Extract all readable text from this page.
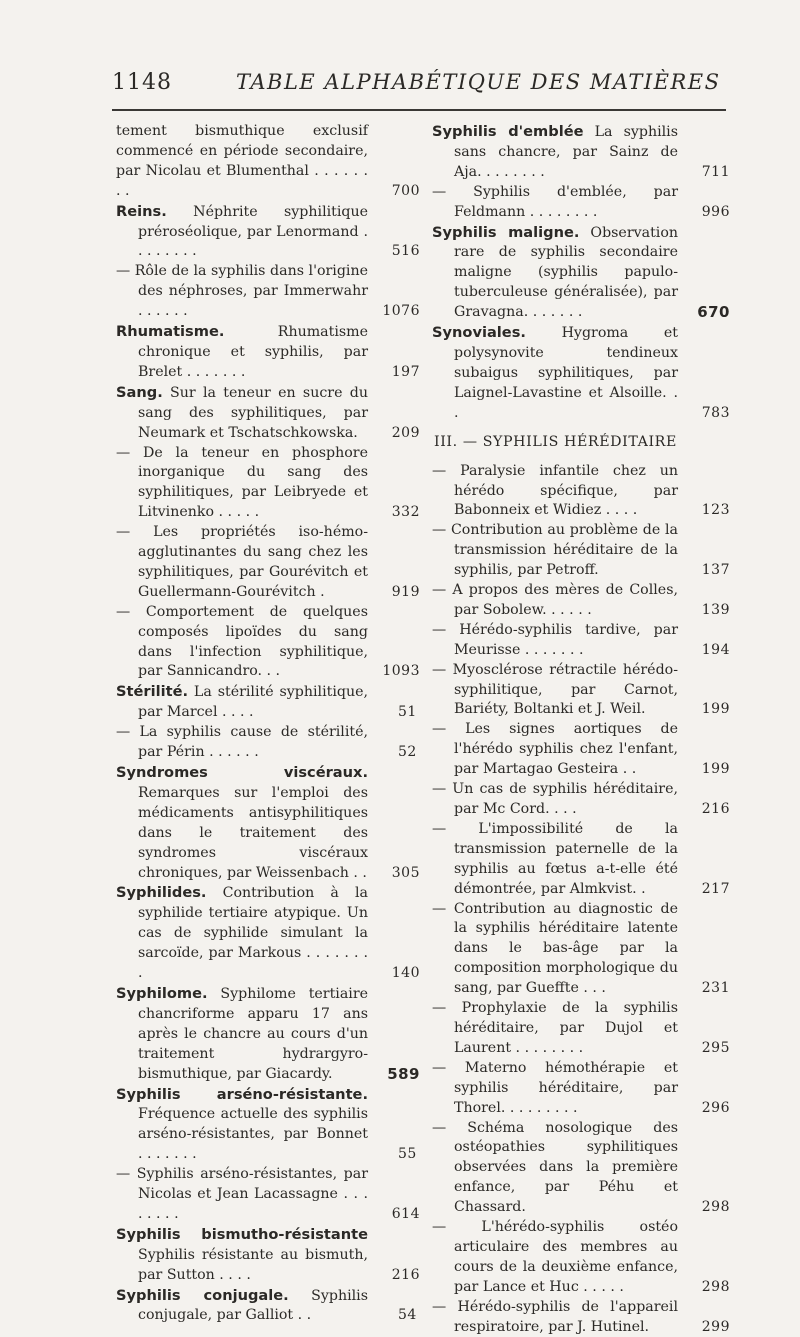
1148	TABLE ALPHABÉTIQUE DES MATIÈRES
tement bismuthique exclusif commencé en période secondaire, par Nicolau et Blumenthal . . . . . . . .	700
Reins. Néphrite syphilitique préroséolique, par Lenormand . . . . . . . .	516
— Rôle de la syphilis dans l'origine des néphroses, par Immerwahr . . . . . .	1076
Rhumatisme. Rhumatisme chronique et syphilis, par Brelet . . . . . . .	197
Sang. Sur la teneur en sucre du sang des syphilitiques, par Neumark et Tschatschkowska. 209
— De la teneur en phosphore inorganique du sang des syphilitiques, par Leibryede et Litvinenko . . . . .	332
— Les propriétés iso-hémo-agglutinantes du sang chez les syphilitiques, par Gourévitch et Guellermann-Gourévitch .	919
— Comportement de quelques composés lipoïdes du sang dans l'infection syphilitique, par Sannicandro. . .	1093
Stérilité. La stérilité syphilitique, par Marcel . . . .	51
— La syphilis cause de stérilité, par Périn . . . . . .	52
Syndromes viscéraux. Remarques sur l'emploi des médicaments antisyphilitiques dans le traitement des syndromes viscéraux chroniques, par Weissenbach . . 305
Syphilides. Contribution à la syphilide tertiaire atypique. Un cas de syphilide simulant la sarcoïde, par Markous . . . . . . . .	140
Syphilome. Syphilome tertiaire chancriforme apparu 17 ans après le chancre au cours d'un traitement hydrargyro-bismuthique, par Giacardy.	589
Syphilis arséno-résistante. Fréquence actuelle des syphilis arséno-résistantes, par Bonnet . . . . . . .	55
— Syphilis arséno-résistantes, par Nicolas et Jean Lacassagne . . . . . . . .	614
Syphilis bismutho-résistante Syphilis résistante au bismuth, par Sutton . . . .	216
Syphilis conjugale. Syphilis conjugale, par Galliot . .	54
Syphilis d'emblée La syphilis sans chancre, par Sainz de Aja. . . . . . . .	711
— Syphilis d'emblée, par Feldmann . . . . . . . .	996
Syphilis maligne. Observation rare de syphilis secondaire maligne (syphilis papulo-tuberculeuse généralisée), par Gravagna. . . . . . .	670
Synoviales. Hygroma et polysynovite tendineux subaigus syphilitiques, par Laignel-Lavastine et Alsoille. . .	783
III. — SYPHILIS HÉRÉDITAIRE
— Paralysie infantile chez un hérédo spécifique, par Babonneix et Widiez . . . .	123
— Contribution au problème de la transmission héréditaire de la syphilis, par Petroff.	137
— A propos des mères de Colles, par Sobolew. . . . . .	139
— Hérédo-syphilis tardive, par Meurisse . . . . . . .	194
— Myosclérose rétractile hérédo-syphilitique, par Carnot, Bariéty, Boltanki et J. Weil.	199
— Les signes aortiques de l'hérédo syphilis chez l'enfant, par Martagao Gesteira . .	199
— Un cas de syphilis héréditaire, par Mc Cord. . . .	216
— L'impossibilité de la transmission paternelle de la syphilis au fœtus a-t-elle été démontrée, par Almkvist. .	217
— Contribution au diagnostic de la syphilis héréditaire latente dans le bas-âge par la composition morphologique du sang, par Gueffte . . .	231
— Prophylaxie de la syphilis héréditaire, par Dujol et Laurent . . . . . . . .	295
— Materno hémothérapie et syphilis héréditaire, par Thorel. . . . . . . . .	296
— Schéma nosologique des ostéopathies syphilitiques observées dans la première enfance, par Péhu et Chassard.	298
— L'hérédo-syphilis ostéo articulaire des membres au cours de la deuxième enfance, par Lance et Huc . . . . .	298
— Hérédo-syphilis de l'appareil respiratoire, par J. Hutinel.	299
